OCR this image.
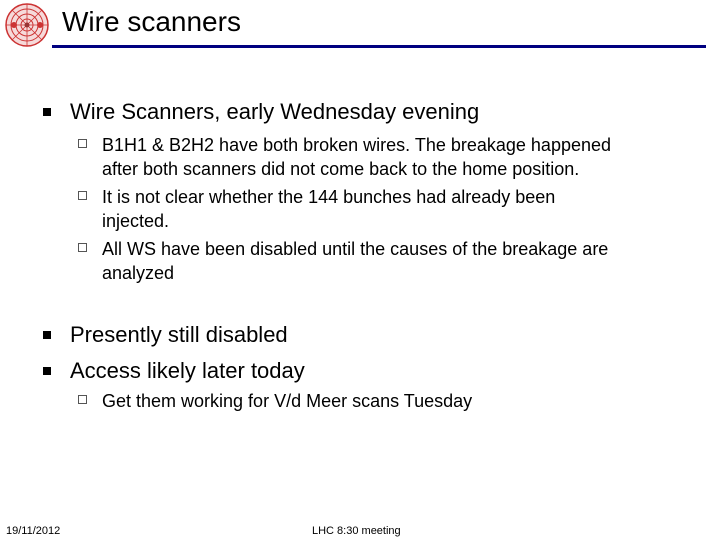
Wire scanners
Wire Scanners, early Wednesday evening
B1H1 & B2H2 have both broken wires. The breakage happened
after both scanners did not come back to the home position.
It is not clear whether the 144 bunches had already been
injected.
All WS have been disabled until the causes of the breakage are
analyzed
Presently still disabled
Access likely later today
Get them working for V/d Meer scans Tuesday
19/11/2012	LHC 8:30 meeting
